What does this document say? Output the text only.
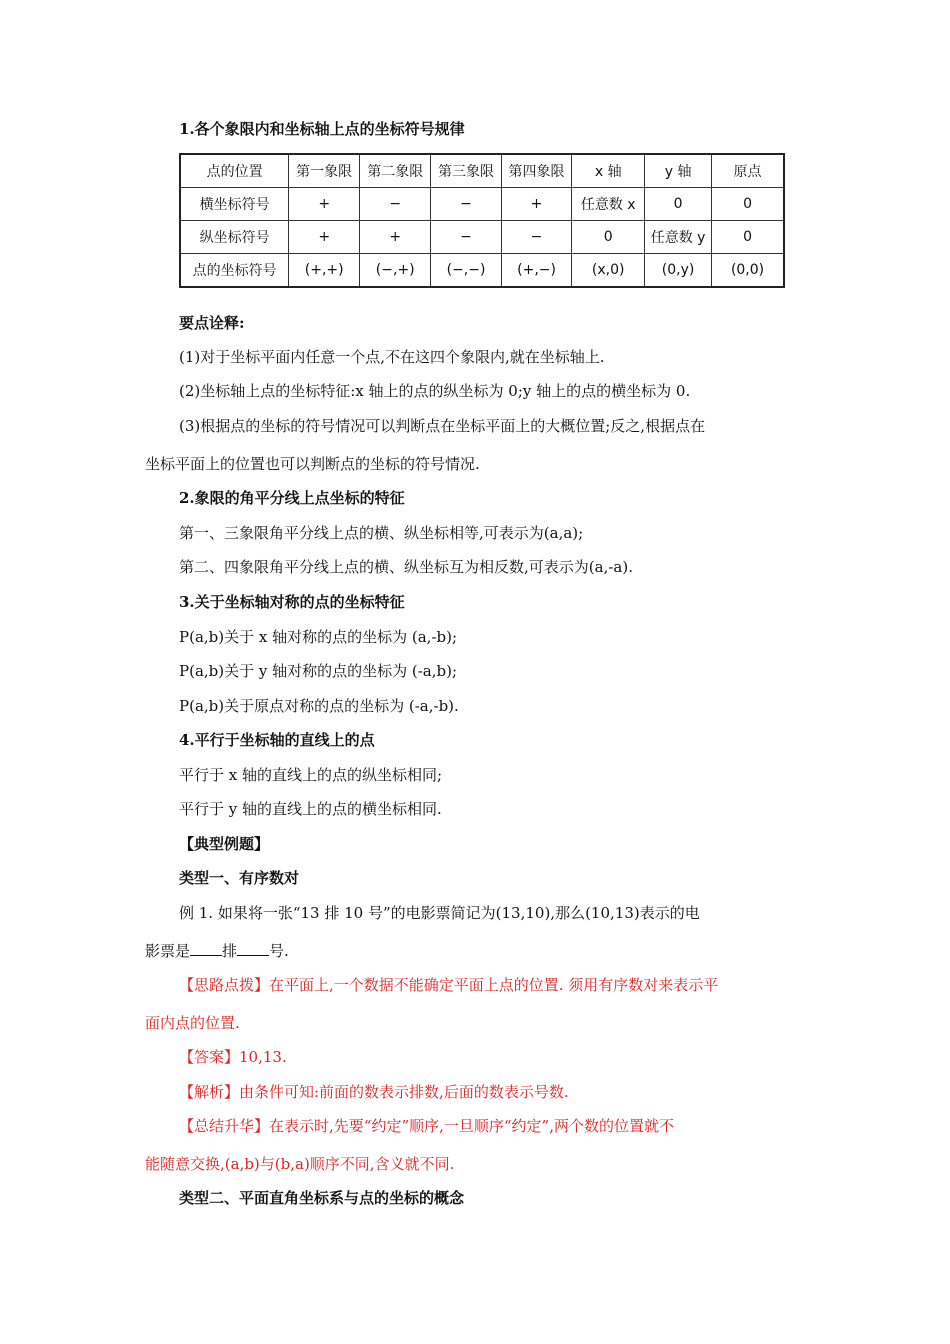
1.各个象限内和坐标轴上点的坐标符号规律
点的位置	第一象限	第二象限	第三象限	第四象限	x 轴	y 轴	原点
横坐标符号	+	−	−	+	任意数 x	0	0
纵坐标符号	+	+	−	−	0	任意数 y	0
点的坐标符号	(+,+)	(−,+)	(−,−)	(+,−)	(x,0)	(0,y)	(0,0)
要点诠释:
(1)对于坐标平面内任意一个点,不在这四个象限内,就在坐标轴上.
(2)坐标轴上点的坐标特征:x 轴上的点的纵坐标为 0;y 轴上的点的横坐标为 0.
(3)根据点的坐标的符号情况可以判断点在坐标平面上的大概位置;反之,根据点在
坐标平面上的位置也可以判断点的坐标的符号情况.
2.象限的角平分线上点坐标的特征
第一、三象限角平分线上点的横、纵坐标相等,可表示为(a,a);
第二、四象限角平分线上点的横、纵坐标互为相反数,可表示为(a,-a).
3.关于坐标轴对称的点的坐标特征
P(a,b)关于 x 轴对称的点的坐标为 (a,-b);
P(a,b)关于 y 轴对称的点的坐标为 (-a,b);
P(a,b)关于原点对称的点的坐标为 (-a,-b).
4.平行于坐标轴的直线上的点
平行于 x 轴的直线上的点的纵坐标相同;
平行于 y 轴的直线上的点的横坐标相同.
【典型例题】
类型一、有序数对
例 1. 如果将一张“13 排 10 号”的电影票简记为(13,10),那么(10,13)表示的电
影票是 排 号.
【思路点拨】在平面上,一个数据不能确定平面上点的位置. 须用有序数对来表示平
面内点的位置.
【答案】10,13.
【解析】由条件可知:前面的数表示排数,后面的数表示号数.
【总结升华】在表示时,先要“约定”顺序,一旦顺序“约定”,两个数的位置就不
能随意交换,(a,b)与(b,a)顺序不同,含义就不同.
类型二、平面直角坐标系与点的坐标的概念
